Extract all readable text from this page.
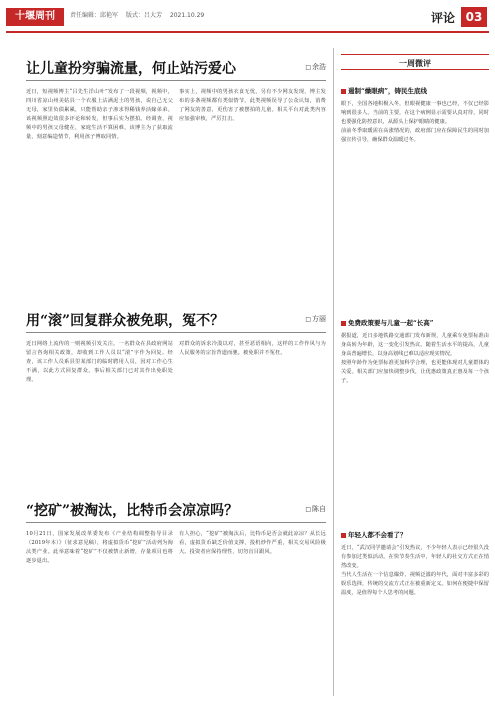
十堰周刊	责任编辑：邱艳军 版式：吕大芳 2021.10.29	评论 03
让儿童扮穷骗流量，何止站污爱心	□ 余浩

近日，短视频博主“吕先生洋山叶”发布了一段视频，视频中，四川省凉山州美姑县一个衣服上沾满泥土的男孩，说自己无父无母，家里负债累累，只能帮助亲子渗求得稀钱养活嫁弟弟。该视频照迫效很多评论和转发，但事后实为摆拍。经调查，视频中的男孩父母健在，家庭生活不算困难，该博主为了获取流量，刻意编造情节，利用孩子博取同情。

事实上，视频中的男孩衣食无忧，另有不少网友发现，博主发布的多条视频都有类似情节。此类视频误导了公众认知，消费了网友的善意，更伤害了被摆拍的儿童。相关平台对此类内容应加强审核，严厉打击。

用“滚”回复群众被免职，冤不？	□ 方丽

近日网络上流传的一则视频引发关注。一名群众在县政府网站留言咨询相关政策，却收到工作人员以“滚”字作为回复。经查，该工作人员系县里某部门的临时聘用人员，因对工作心生不满，以此方式回复群众。事后相关部门已对其作出免职处理。

对群众的诉求冷漠以对，甚至恶语相向，这样的工作作风与为人民服务的宗旨背道而驰。被免职并不冤枉。

“挖矿”被淘汰，比特币会凉凉吗？	□ 陈自

10月21日，国家发展改革委发布《产业结构调整指导目录（2019年本）》（征求意见稿），将虚拟货币“挖矿”活动列为淘汰类产业。此举意味着“挖矿”不仅被禁止新增，存量项目也将逐步退出。

有人担心，“挖矿”被淘汰后，比特币是否会就此凉凉？从长远看，虚拟货币缺乏价值支撑，投机炒作严重，相关交易风险极大。投资者应保持理性，切勿盲目跟风。

一周微评
遏制“燥眼病”，铸民生底线

眼下，全国各地积极入冬，但眼视健康一事也已经，不仅已经影响到很多人。当前的主要，在这个病例显示需要认真对待，同时也要强化防控意识，从源头上保护眼睛的健康。

前前冬季取暖需在高涨情况的，政府部门应在保障民生的同时加强宣传引导，确保群众温暖过冬。

免费政策要与儿童一起“长高”

据报道，近日多地铁路交通部门发布新规，儿童乘车免票标准由身高转为年龄，这一变化引发热议。随着生活水平的提高，儿童身高普遍增长，以身高划线已难以适应现实情况。

按照年龄作为免票标准更加科学合理，也更能体现对儿童群体的关爱。相关部门应加快调整步伐，让优惠政策真正惠及每一个孩子。

年轻人都不会看了？

近日，“武汉同学邀请会”引发热议，不少年轻人表示已经很久没有参加过类似活动。在快节奏生活中，年轻人的社交方式正在悄然改变。

当代人生活在一个信息爆炸、视频泛滥的年代，面对丰富多彩的娱乐选择，传统的交流方式正在被重新定义。如何在便捷中保留温度，是值得每个人思考的问题。
